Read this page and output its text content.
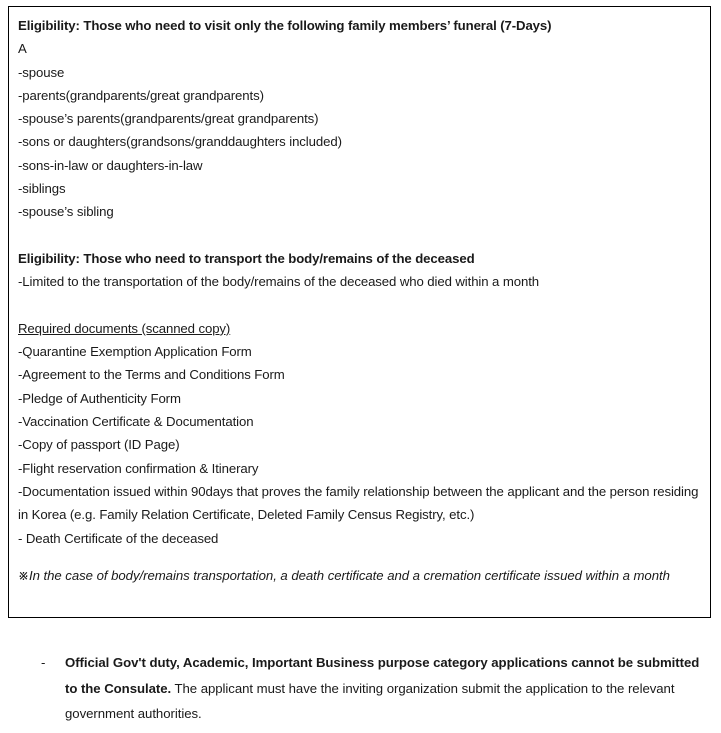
Eligibility: Those who need to visit only the following family members’ funeral (7-Days)
A
-spouse
-parents(grandparents/great grandparents)
-spouse’s parents(grandparents/great grandparents)
-sons or daughters(grandsons/granddaughters included)
-sons-in-law or daughters-in-law
-siblings
-spouse’s sibling
Eligibility: Those who need to transport the body/remains of the deceased
-Limited to the transportation of the body/remains of the deceased who died within a month
Required documents (scanned copy)
-Quarantine Exemption Application Form
-Agreement to the Terms and Conditions Form
-Pledge of Authenticity Form
-Vaccination Certificate & Documentation
-Copy of passport (ID Page)
-Flight reservation confirmation & Itinerary
-Documentation issued within 90days that proves the family relationship between the applicant and the person residing in Korea (e.g. Family Relation Certificate, Deleted Family Census Registry, etc.)
- Death Certificate of the deceased
※In the case of body/remains transportation, a death certificate and a cremation certificate issued within a month
- Official Gov't duty, Academic, Important Business purpose category applications cannot be submitted to the Consulate. The applicant must have the inviting organization submit the application to the relevant government authorities.
